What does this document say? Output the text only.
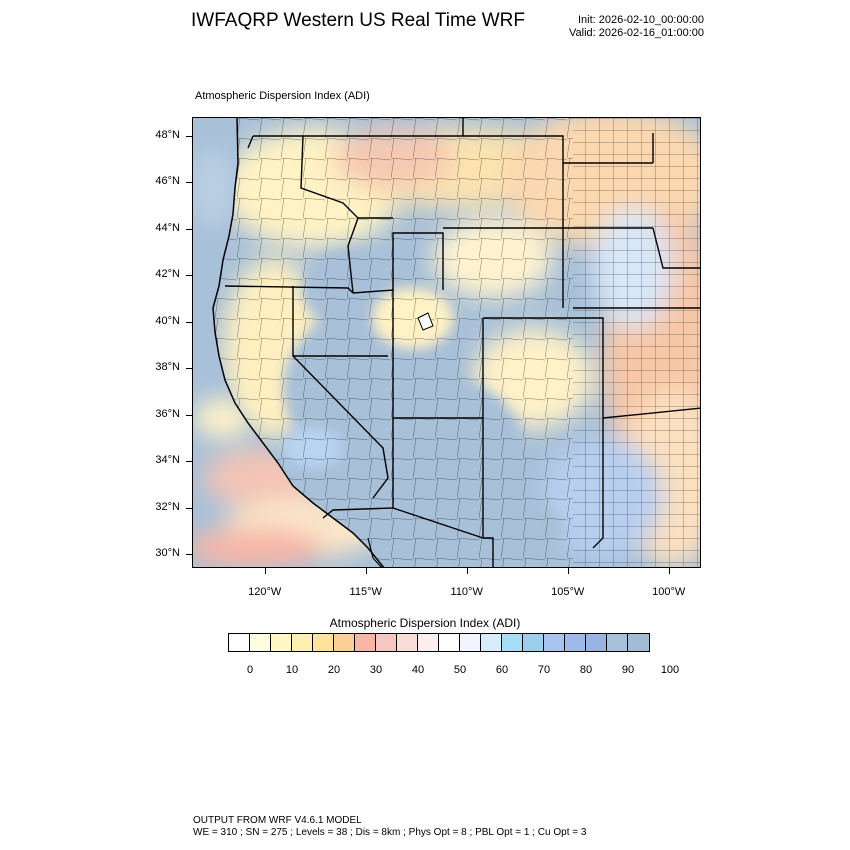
IWFAQRP Western US Real Time WRF	Init: 2026-02-10_00:00:00
Valid: 2026-02-16_01:00:00
Atmospheric Dispersion Index (ADI)
48°N
46°N
44°N
42°N
40°N
38°N
36°N
34°N
32°N
30°N
120°W	115°W	110°W	105°W	100°W
Atmospheric Dispersion Index (ADI)
0	10	20	30	40	50	60	70	80	90	100
OUTPUT FROM WRF V4.6.1 MODEL
WE = 310 ; SN = 275 ; Levels = 38 ; Dis = 8km ; Phys Opt = 8 ; PBL Opt = 1 ; Cu Opt = 3
